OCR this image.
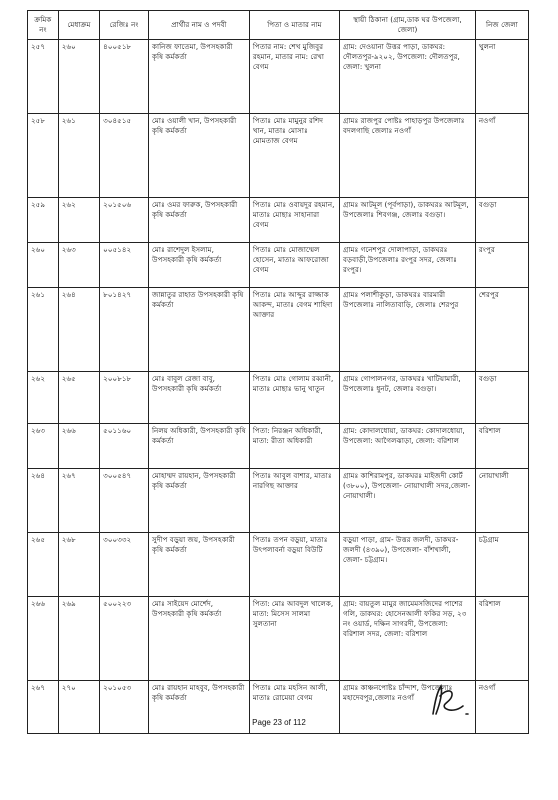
ক্রমিক নং	মেধাক্রম	রেজিঃ নং	প্রার্থীর নাম ও পদবী	পিতা ও মাতার নাম	স্থায়ী ঠিকানা (গ্রাম,ডাক ঘর উপজেলা, জেলা)	নিজ জেলা
২৫৭	২৬০	৪০০৫১৮	কানিজ ফাতেমা, উপসহকারী কৃষি কর্মকর্তা	পিতার নাম: শেখ মুজিবুর রহমান, মাতার নাম: রেখা বেগম	গ্রাম: দেওয়ানা উত্তর পাড়া, ডাকঘর: দৌলতপুর-৯২০২, উপজেলা: দৌলতপুর, জেলা: খুলনা	খুলনা
২৫৮	২৬১	৩০৪৫১৫	মোঃ ওয়ালী খান, উপসহকারী কৃষি কর্মকর্তা	পিতাঃ মোঃ মামুনুর রশিদ খান, মাতাঃ মোসাঃ মোমতাজ বেগম	গ্রামঃ রাজপুর পোষ্টঃ পাহাড়পুর উপজেলাঃ বদলগাছি জেলাঃ নওগাঁ	নওগাঁ
২৫৯	২৬২	২০১৫০৬	মোঃ ওমর ফারুক, উপসহকারী কৃষি কর্মকর্তা	পিতাঃ মোঃ ওবায়দুর রহমান, মাতাঃ মোছাঃ সাহানারা বেগম	গ্রামঃ আটমূল (পূর্বপাড়া), ডাকঘরঃ আটমূল, উপজেলাঃ শিবগঞ্জ, জেলাঃ বগুড়া।	বগুড়া
২৬০	২৬৩	০০৫১৪২	মোঃ রাশেদুল ইসলাম, উপসহকারী কৃষি কর্মকর্তা	পিতাঃ মোঃ মোজাম্মেল হোসেন, মাতাঃ আফরোজা বেগম	গ্রামঃ গনেশপুর দোলাপাড়া, ডাকঘরঃ বড়বাড়ী,উপজেলাঃ রংপুর সদর, জেলাঃ রংপুর।	রংপুর
২৬১	২৬৪	৮০১৪২৭	জান্নাতুর রাহাত উপসহকারী কৃষি কর্মকর্তা	পিতাঃ মোঃ আব্দুর রাজ্জাক আকন্দ, মাতাঃ বেগম শাহিদা আক্তার	গ্রামঃ পলাশীকুড়া, ডাকঘরঃ বারমারী উপজেলাঃ নালিতাবাড়ি, জেলাঃ শেরপুর	শেরপুর
২৬২	২৬৫	২০০৮১৮	মোঃ বাবুল রেজা বাবু, উপসহকারী কৃষি কর্মকর্তা	পিতাঃ মোঃ গোলাম রব্বানী, মাতাঃ মোছাঃ ভানু খাতুন	গ্রামঃ গোপালনগর, ডাকঘরঃ খাটিয়ামারী, উপজেলাঃ ধুনট, জেলাঃ বগুড়া।	বগুড়া
২৬৩	২৬৬	৫০১১৬০	নিলয় অধিকারী, উপসহকারী কৃষি কর্মকর্তা	পিতা: নিরঞ্জন অধিকারী, মাতা: রীতা অধিকারী	গ্রাম: কোদালধোয়া, ডাকঘর: কোদালধোয়া, উপজেলা: আগৈলঝাড়া, জেলা: বরিশাল	বরিশাল
২৬৪	২৬৭	৩০০৫৪৭	মোহাম্মদ রায়হান, উপসহকারী কৃষি কর্মকর্তা	পিতাঃ আবুল বাশার, মাতাঃ নারগিছ আক্তার	গ্রামঃ কাশিরামপুর, ডাকঘরঃ মাইজদী কোর্ট (৩৮০০), উপজেলা- নোয়াখালী সদর,জেলা- নোয়াখালী।	নোয়াখালী
২৬৫	২৬৮	৩০০৩৩২	সুদীপ বড়ুয়া জয়, উপসহকারী কৃষি কর্মকর্তা	পিতাঃ তপন বড়ুয়া, মাতাঃ উৎপলাবর্না বড়ুয়া বিউটি	বড়ুয়া পাড়া, গ্রাম- উত্তর জলদী, ডাকঘর- জলদী (৪৩৯০), উপজেলা- বাঁশখালী, জেলা- চট্টগ্রাম।	চট্টগ্রাম
২৬৬	২৬৯	৫০০২২৩	মোঃ সাইয়েদ মোর্শেদ, উপসহকারী কৃষি কর্মকর্তা	পিতা: মোঃ আবদুল খালেক, মাতা: মিসেস সালমা সুলতানা	গ্রাম: বায়তুল মামুর জামেমসজিদের পাশের গলি, ডাকঘর: হোসেনআলী ফকির সড়, ২৩ নং ওয়ার্ড, দক্ষিন সাগরদী, উপজেলা: বরিশাল সদর, জেলা: বরিশাল	বরিশাল
২৬৭	২৭০	২০১০৫৩	মোঃ রায়হান মাহবুব, উপসহকারী কৃষি কর্মকর্তা	পিতাঃ মোঃ মহসিন আলী, মাতাঃ রোমেয়া বেগম	গ্রামঃ কাঞ্চনপোষ্টঃ চাঁন্দাশ, উপজেলাঃ মহাদেবপুর,জেলাঃ নওগাঁ	নওগাঁ
Page 23 of 112
